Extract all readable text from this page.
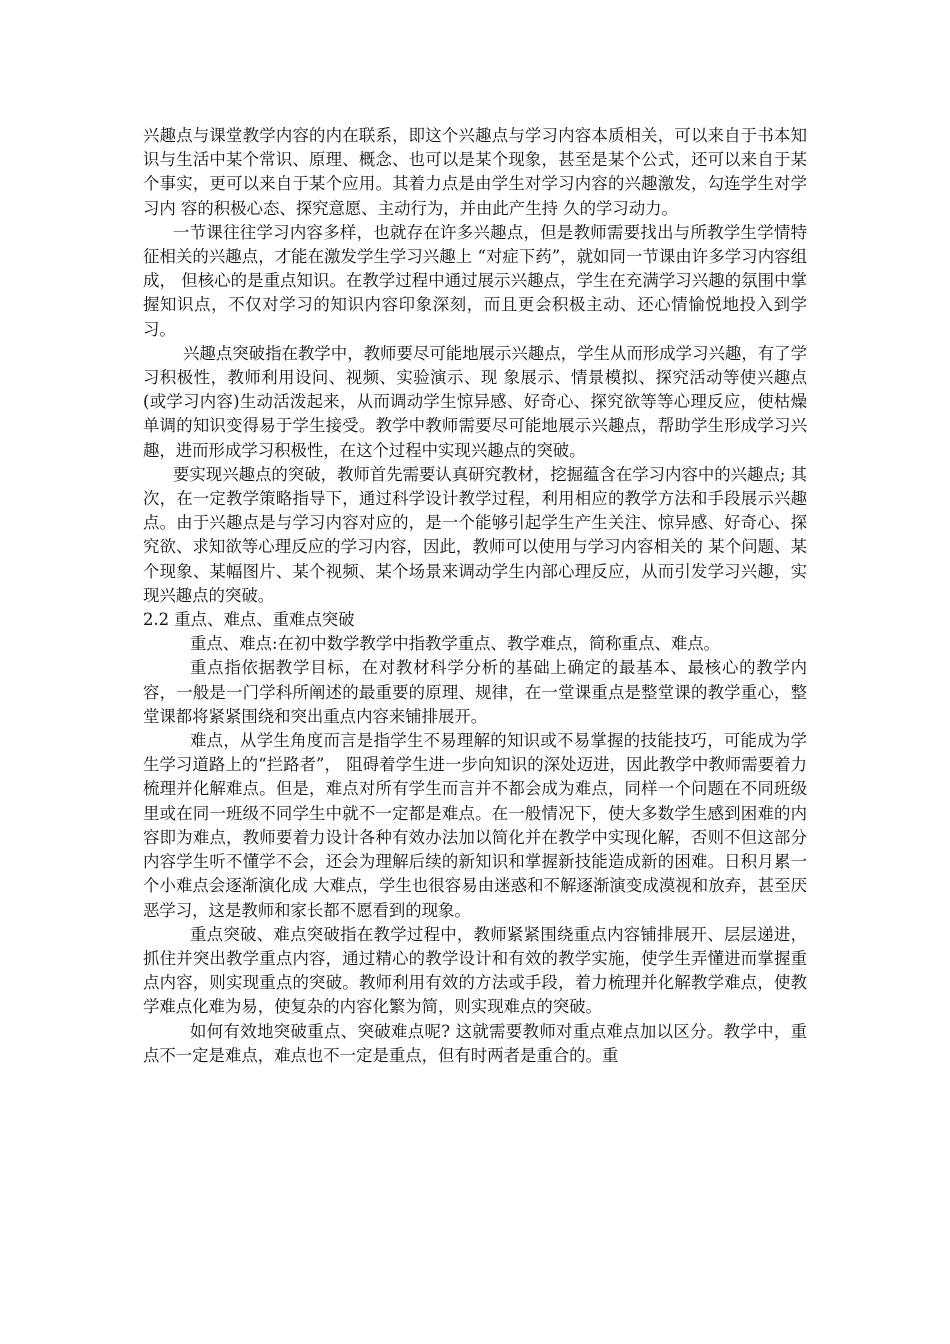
兴趣点与课堂教学内容的内在联系，即这个兴趣点与学习内容本质相关，可以来自于书本知识与生活中某个常识、原理、概念、也可以是某个现象，甚至是某个公式，还可以来自于某个事实，更可以来自于某个应用。其着力点是由学生对学习内容的兴趣激发，勾连学生对学习内 容的积极心态、探究意愿、主动行为，并由此产生持 久的学习动力。

一节课往往学习内容多样，也就存在许多兴趣点，但是教师需要找出与所教学生学情特征相关的兴趣点，才能在激发学生学习兴趣上 “对症下药”，就如同一节课由许多学习内容组成， 但核心的是重点知识。在教学过程中通过展示兴趣点，学生在充满学习兴趣的氛围中掌握知识点，不仅对学习的知识内容印象深刻，而且更会积极主动、还心情愉悦地投入到学习。

兴趣点突破指在教学中，教师要尽可能地展示兴趣点，学生从而形成学习兴趣，有了学习积极性，教师利用设问、视频、实验演示、现 象展示、情景模拟、探究活动等使兴趣点(或学习内容)生动活泼起来，从而调动学生惊异感、好奇心、探究欲等等心理反应，使枯燥单调的知识变得易于学生接受。教学中教师需要尽可能地展示兴趣点，帮助学生形成学习兴趣，进而形成学习积极性，在这个过程中实现兴趣点的突破。

要实现兴趣点的突破，教师首先需要认真研究教材，挖掘蕴含在学习内容中的兴趣点; 其次，在一定教学策略指导下，通过科学设计教学过程，利用相应的教学方法和手段展示兴趣点。由于兴趣点是与学习内容对应的，是一个能够引起学生产生关注、惊异感、好奇心、探究欲、求知欲等心理反应的学习内容，因此，教师可以使用与学习内容相关的 某个问题、某个现象、某幅图片、某个视频、某个场景来调动学生内部心理反应，从而引发学习兴趣，实现兴趣点的突破。

2.2 重点、难点、重难点突破

重点、难点:在初中数学教学中指教学重点、教学难点，简称重点、难点。

重点指依据教学目标，在对教材科学分析的基础上确定的最基本、最核心的教学内容，一般是一门学科所阐述的最重要的原理、规律，在一堂课重点是整堂课的教学重心，整堂课都将紧紧围绕和突出重点内容来铺排展开。

难点，从学生角度而言是指学生不易理解的知识或不易掌握的技能技巧，可能成为学生学习道路上的“拦路者”， 阻碍着学生进一步向知识的深处迈进，因此教学中教师需要着力梳理并化解难点。但是，难点对所有学生而言并不都会成为难点，同样一个问题在不同班级里或在同一班级不同学生中就不一定都是难点。在一般情况下，使大多数学生感到困难的内容即为难点，教师要着力设计各种有效办法加以简化并在教学中实现化解，否则不但这部分内容学生听不懂学不会，还会为理解后续的新知识和掌握新技能造成新的困难。日积月累一个小难点会逐渐演化成 大难点，学生也很容易由迷惑和不解逐渐演变成漠视和放弃，甚至厌恶学习，这是教师和家长都不愿看到的现象。

重点突破、难点突破指在教学过程中，教师紧紧围绕重点内容铺排展开、层层递进，抓住并突出教学重点内容，通过精心的教学设计和有效的教学实施，使学生弄懂进而掌握重点内容，则实现重点的突破。教师利用有效的方法或手段，着力梳理并化解教学难点，使教学难点化难为易，使复杂的内容化繁为简，则实现难点的突破。

如何有效地突破重点、突破难点呢? 这就需要教师对重点难点加以区分。教学中，重点不一定是难点，难点也不一定是重点，但有时两者是重合的。重
